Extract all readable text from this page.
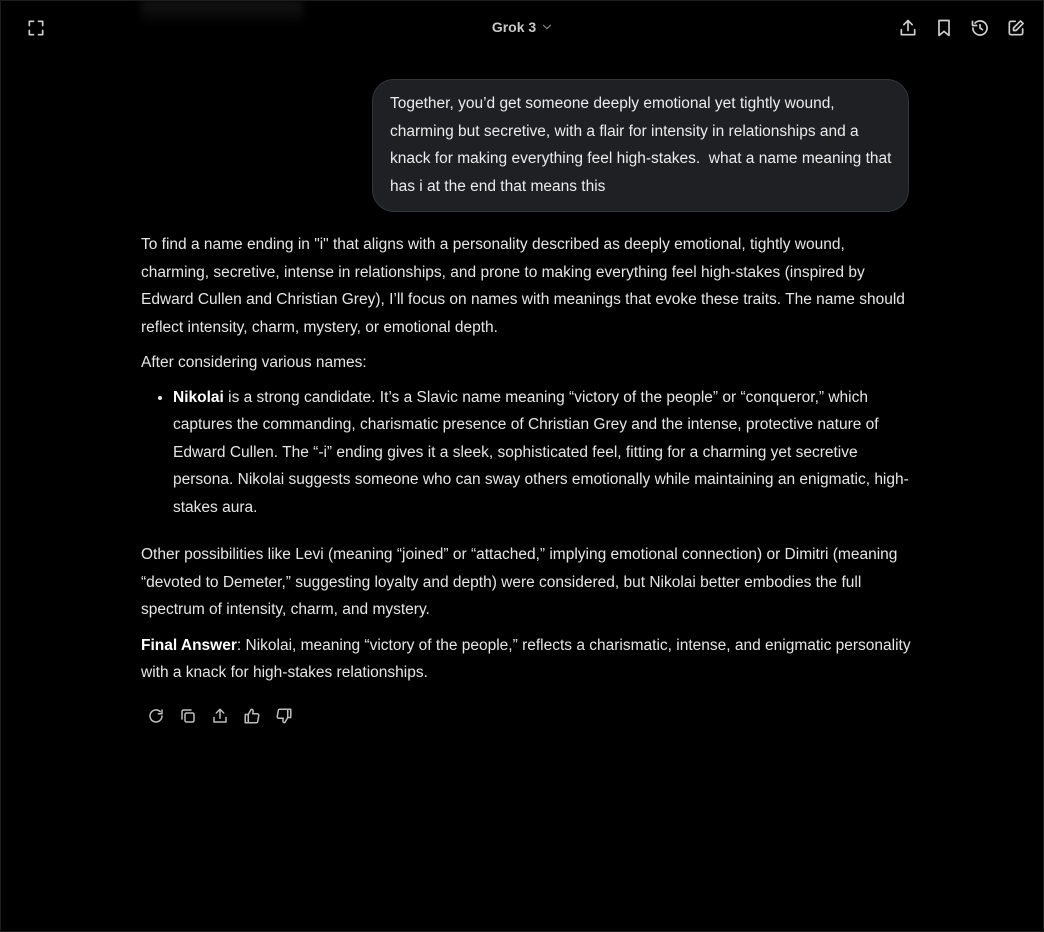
Grok 3
Together, you’d get someone deeply emotional yet tightly wound, charming but secretive, with a flair for intensity in relationships and a knack for making everything feel high-stakes.  what a name meaning that has i at the end that means this

To find a name ending in "i" that aligns with a personality described as deeply emotional, tightly wound, charming, secretive, intense in relationships, and prone to making everything feel high-stakes (inspired by Edward Cullen and Christian Grey), I’ll focus on names with meanings that evoke these traits. The name should reflect intensity, charm, mystery, or emotional depth.

After considering various names:

• Nikolai is a strong candidate. It’s a Slavic name meaning “victory of the people” or “conqueror,” which captures the commanding, charismatic presence of Christian Grey and the intense, protective nature of Edward Cullen. The “-i” ending gives it a sleek, sophisticated feel, fitting for a charming yet secretive persona. Nikolai suggests someone who can sway others emotionally while maintaining an enigmatic, high-stakes aura.

Other possibilities like Levi (meaning “joined” or “attached,” implying emotional connection) or Dimitri (meaning “devoted to Demeter,” suggesting loyalty and depth) were considered, but Nikolai better embodies the full spectrum of intensity, charm, and mystery.

Final Answer: Nikolai, meaning “victory of the people,” reflects a charismatic, intense, and enigmatic personality with a knack for high-stakes relationships.
